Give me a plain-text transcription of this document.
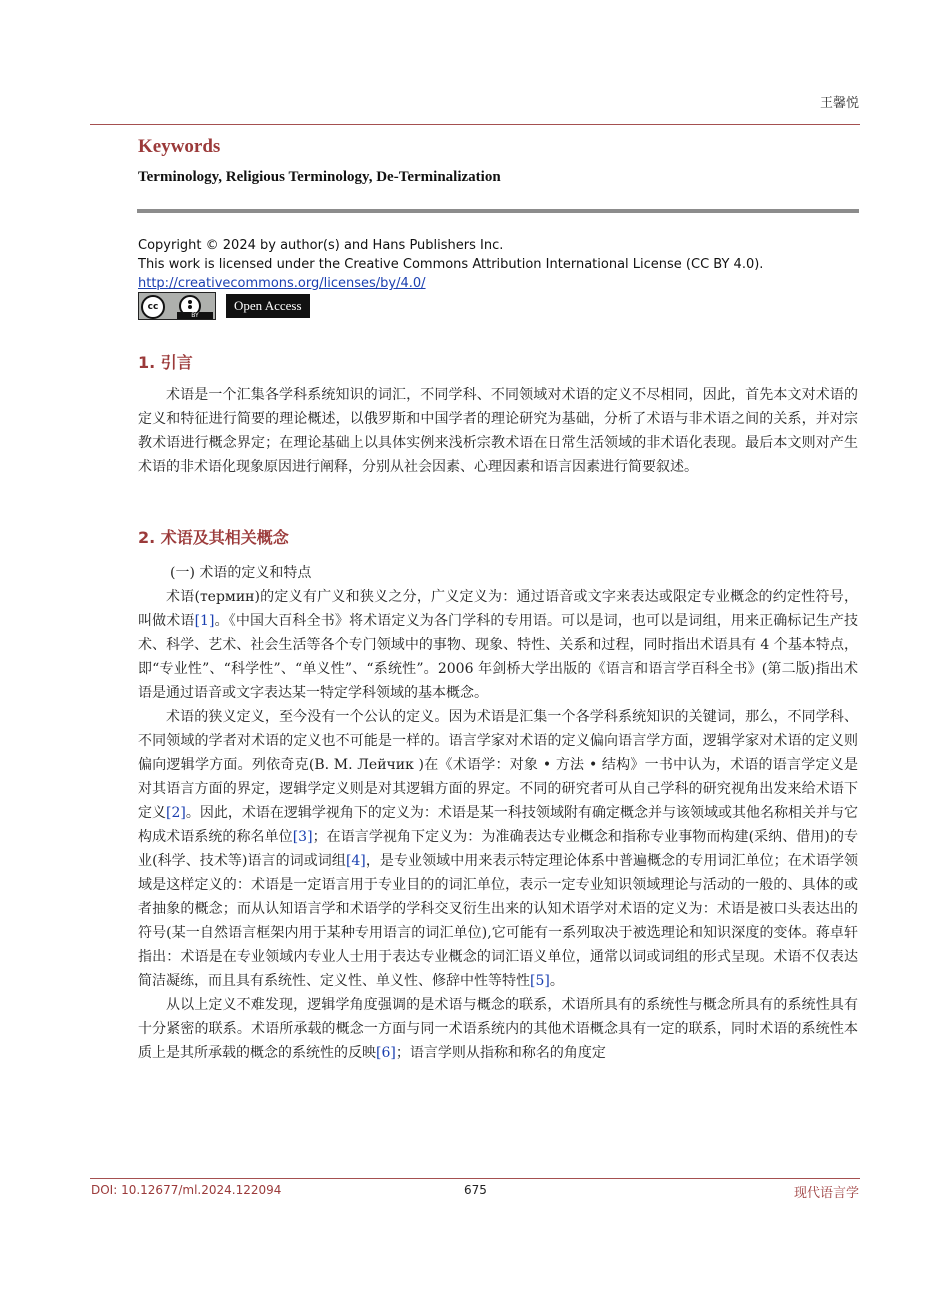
王馨悦
Keywords
Terminology, Religious Terminology, De-Terminalization
Copyright © 2024 by author(s) and Hans Publishers Inc.
This work is licensed under the Creative Commons Attribution International License (CC BY 4.0).
http://creativecommons.org/licenses/by/4.0/
cc
BY
Open Access
1. 引言

术语是一个汇集各学科系统知识的词汇，不同学科、不同领域对术语的定义不尽相同，因此，首先本文对术语的定义和特征进行简要的理论概述，以俄罗斯和中国学者的理论研究为基础，分析了术语与非术语之间的关系，并对宗教术语进行概念界定；在理论基础上以具体实例来浅析宗教术语在日常生活领域的非术语化表现。最后本文则对产生术语的非术语化现象原因进行阐释，分别从社会因素、心理因素和语言因素进行简要叙述。

2. 术语及其相关概念
(一) 术语的定义和特点

术语(термин)的定义有广义和狭义之分，广义定义为：通过语音或文字来表达或限定专业概念的约定性符号，叫做术语[1]。《中国大百科全书》将术语定义为各门学科的专用语。可以是词，也可以是词组，用来正确标记生产技术、科学、艺术、社会生活等各个专门领域中的事物、现象、特性、关系和过程，同时指出术语具有 4 个基本特点，即“专业性”、“科学性”、“单义性”、“系统性”。2006 年剑桥大学出版的《语言和语言学百科全书》(第二版)指出术语是通过语音或文字表达某一特定学科领域的基本概念。

术语的狭义定义，至今没有一个公认的定义。因为术语是汇集一个各学科系统知识的关键词，那么，不同学科、不同领域的学者对术语的定义也不可能是一样的。语言学家对术语的定义偏向语言学方面，逻辑学家对术语的定义则偏向逻辑学方面。列依奇克(В. М. Лейчик )在《术语学：对象 • 方法 • 结构》一书中认为，术语的语言学定义是对其语言方面的界定，逻辑学定义则是对其逻辑方面的界定。不同的研究者可从自己学科的研究视角出发来给术语下定义[2]。因此，术语在逻辑学视角下的定义为：术语是某一科技领域附有确定概念并与该领域或其他名称相关并与它构成术语系统的称名单位[3]；在语言学视角下定义为：为准确表达专业概念和指称专业事物而构建(采纳、借用)的专业(科学、技术等)语言的词或词组[4]，是专业领域中用来表示特定理论体系中普遍概念的专用词汇单位；在术语学领域是这样定义的：术语是一定语言用于专业目的的词汇单位，表示一定专业知识领域理论与活动的一般的、具体的或者抽象的概念；而从认知语言学和术语学的学科交叉衍生出来的认知术语学对术语的定义为：术语是被口头表达出的符号(某一自然语言框架内用于某种专用语言的词汇单位),它可能有一系列取决于被选理论和知识深度的变体。蒋卓轩指出：术语是在专业领域内专业人士用于表达专业概念的词汇语义单位，通常以词或词组的形式呈现。术语不仅表达简洁凝练，而且具有系统性、定义性、单义性、修辞中性等特性[5]。

从以上定义不难发现，逻辑学角度强调的是术语与概念的联系，术语所具有的系统性与概念所具有的系统性具有十分紧密的联系。术语所承载的概念一方面与同一术语系统内的其他术语概念具有一定的联系，同时术语的系统性本质上是其所承载的概念的系统性的反映[6]；语言学则从指称和称名的角度定

DOI: 10.12677/ml.2024.122094	675	现代语言学
